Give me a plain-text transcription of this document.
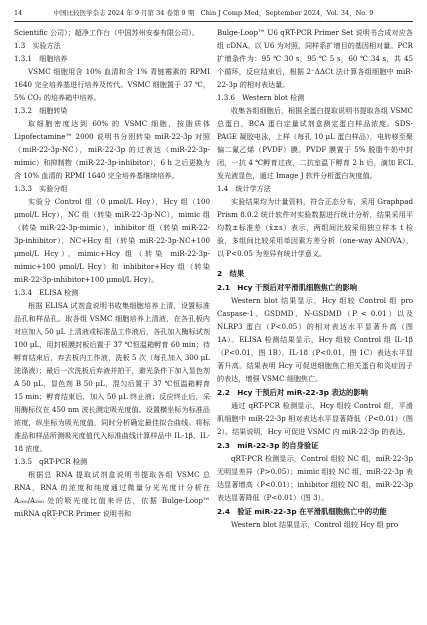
14	中国比较医学杂志 2024 年 9 月第 34 卷第 9 期　Chin J Comp Med，September 2024，Vol. 34，No. 9

Scientific 公司）；超净工作台（中国苏州安泰有限公司）。

1.3　实验方法

1.3.1　细胞培养

VSMC 细胞用含 10% 血清和含 1% 青链霉素的 RPMI 1640 完全培养基进行培养及传代。VSMC 细胞置于 37 ℃，5% CO₂ 的培养箱中培养。

1.3.2　细胞转染

取细胞密度达到 60% 的 VSMC 细胞，按脂质体 Lipofectamine™ 2000 说明书分别转染 miR-22-3p 对照（miR-22-3p-NC），miR-22-3p 的过表达（miR-22-3p-mimic）和抑制物（miR-22-3p-inhibitor），6 h 之后更换为含 10% 血清的 RPMI 1640 完全培养基继续培养。

1.3.3　实验分组

实验分 Control 组（0 μmol/L Hcy），Hcy 组（100 μmol/L Hcy），NC 组（转染 miR-22-3p-NC），mimic 组（转染 miR-22-3p-mimic），inhibitor 组（转染 miR-22-3p-inhibitor），NC+Hcy 组（转染 miR-22-3p-NC+100 μmol/L Hcy），mimic+Hcy 组（转染 miR-22-3p-mimic+100 μmol/L Hcy）和 inhibitor+Hcy 组（转染 miR-22-3p-inhibitor+100 μmol/L Hcy）。

1.3.4　ELISA 检测

根据 ELISA 试剂盒说明书收集细胞培养上清，设置标准品孔和样品孔。取各组 VSMC 细胞培养上清液，在各孔板内对应加入 50 μL 上清液或标准品工作液后，各孔加入酶标试剂 100 μL，用封板膜封板后置于 37 ℃恒温箱孵育 60 min；待孵育结束后，弃去板内工作液，洗板 5 次（每孔加入 300 μL 洗涤液）；最后一次洗板后弃液并拍干，避光条件下加入显色剂 A 50 μL，显色剂 B 50 μL，混匀后置于 37 ℃恒温箱孵育 15 min；孵育结束后，加入 50 μL 终止液；反应终止后，采用酶标仪在 450 nm 波长测定吸光度值。设置横坐标为标准品浓度，纵坐标为吸光度值，同时分析确定最佳拟合曲线。将标准品和样品所测吸光度值代入标准曲线计算样品中 IL-1β、IL-18 浓度。

1.3.5　qRT-PCR 检测

根据总 RNA 提取试剂盒说明书提取各组 VSMC 总 RNA，RNA 的浓度和纯度通过微量分光光度计分析在 A₂₆₀/A₂₈₀ 处的吸光度比值来评估，依据 Bulge-Loop™ miRNA qRT-PCR Primer 说明书和

Bulge-Loop™ U6 qRT-PCR Primer Set 说明书合成对应各组 cDNA。以 U6 为对照，同样系扩增目的基因相对量。PCR 扩增条件为：95 ℃ 30 s，95 ℃ 5 s，60 ℃ 34 s，共 45 个循环，反应结束后，根据 2⁻ΔΔCt 法计算各组细胞中 miR-22-3p 的相对表达量。

1.3.6　Western blot 检测

收集各组细胞后，根据全蛋白提取说明书提取各组 VSMC 总蛋白，BCA 蛋白定量试剂盒测定蛋白样品浓度。SDS-PAGE 凝胶电泳，上样（每孔 10 μL 蛋白样品），电转移至聚偏二氟乙烯（PVDF）膜。PVDF 膜置于 5% 脱脂牛奶中封闭，一抗 4 ℃孵育过夜，二抗室温下孵育 2 h 后，滴加 ECL 发光液显色，通过 Image J 软件分析蛋白灰度值。

1.4　统计学方法

实验结果均为计量资料，符合正态分布，采用 Graphpad Prism 8.0.2 统计软件对实验数据进行统计分析，结果采用平均数±标准差（x̄±s）表示，两组间比较采用独立样本 t 检验，多组间比较采用单因素方差分析（one-way ANOVA），以 P<0.05 为差异有统计学意义。

2　结果

2.1　Hcy 干预后对平滑肌细胞焦亡的影响

Western blot 结果显示，Hcy 组较 Control 组 pro Caspase-1、GSDMD、N-GSDMD（P < 0.01）以及 NLRP3 蛋白（P<0.05）的相对表达水平显著升高（图 1A）。ELISA 检测结果显示，Hcy 组较 Control 组 IL-1β（P<0.01，图 1B），IL-18（P<0.01，图 1C）表达水平显著升高。结果表明 Hcy 可促进细胞焦亡相关蛋白和炎症因子的表达，增强 VSMC 细胞焦亡。

2.2　Hcy 干预后对 miR-22-3p 表达的影响

通过 qRT-PCR 检测显示，Hcy 组较 Control 组，平滑肌细胞中 miR-22-3p 相对表达水平显著降低（P<0.01）（图 2）。结果说明，Hcy 可促进 VSMC 内 miR-22-3p 的表达。

2.3　miR-22-3p 的自身验证

qRT-PCR 检测显示，Control 组较 NC 组，miR-22-3p 无明显差异（P>0.05）；mimic 组较 NC 组，miR-22-3p 表达显著增高（P<0.01）；inhibitor 组较 NC 组，miR-22-3p 表达显著降低（P<0.01）（图 3）。

2.4　验证 miR-22-3p 在平滑肌细胞焦亡中的功能

Western blot 结果显示，Control 组较 Hcy 组 pro
